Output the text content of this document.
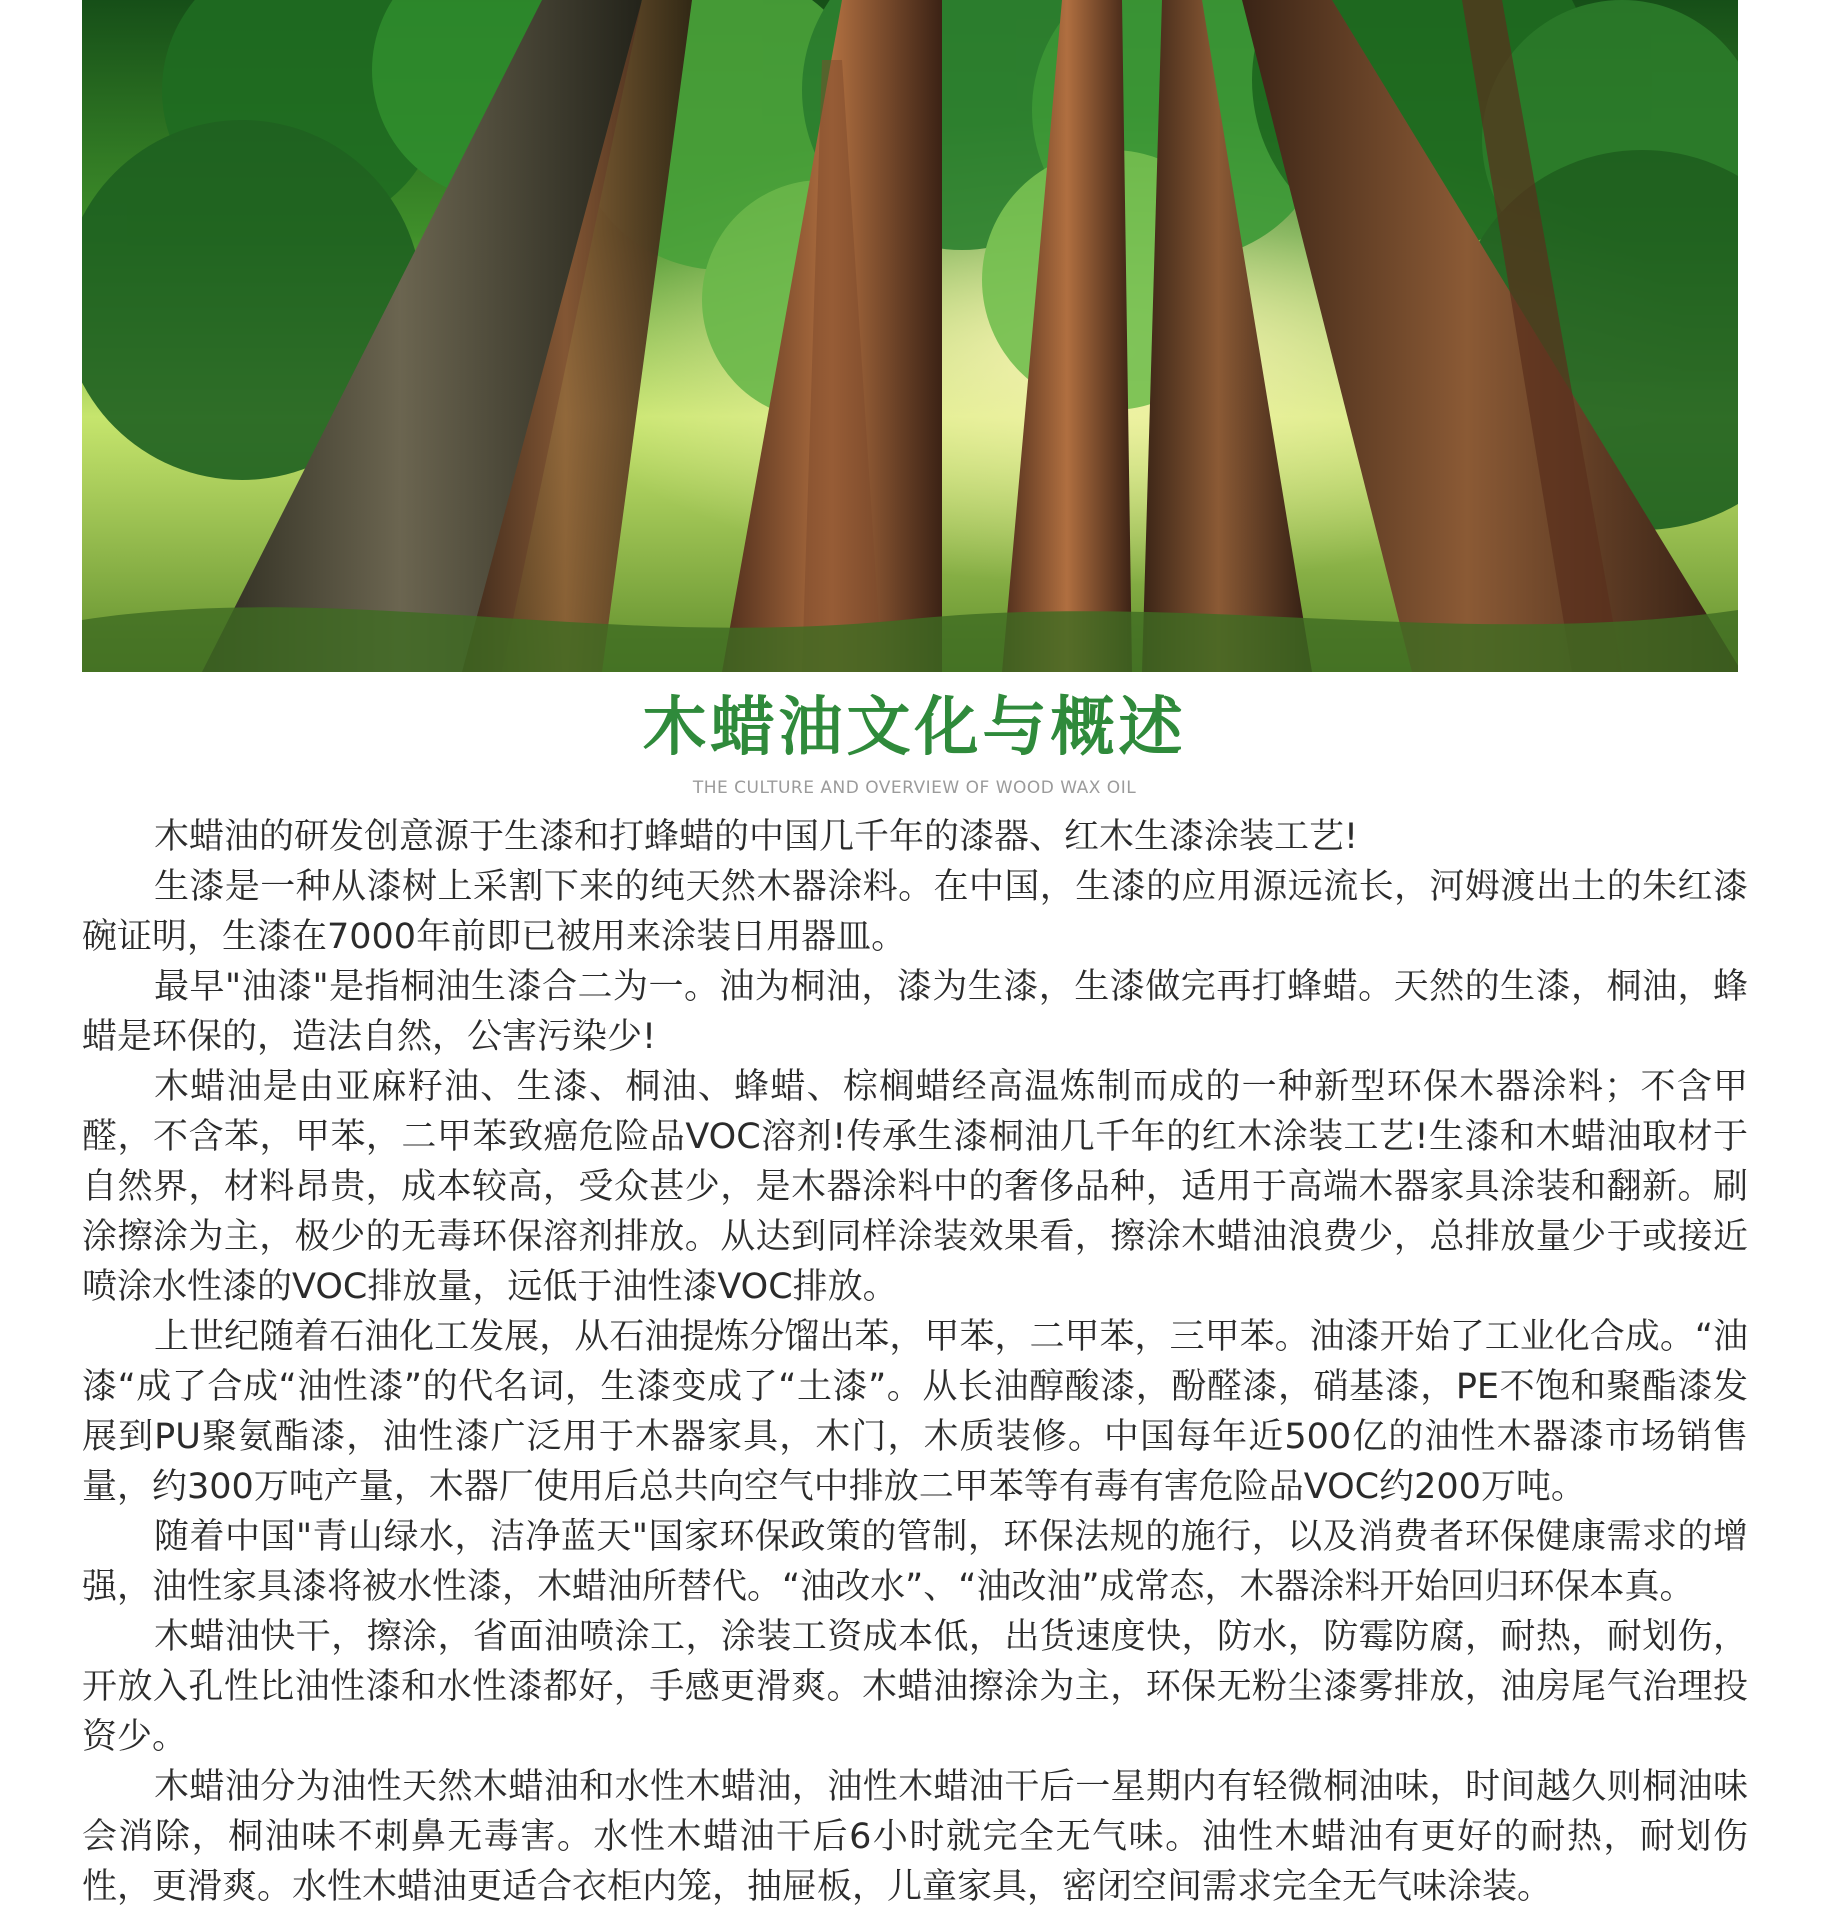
木蜡油文化与概述
THE CULTURE AND OVERVIEW OF WOOD WAX OIL

木蜡油的研发创意源于生漆和打蜂蜡的中国几千年的漆器、红木生漆涂装工艺!

生漆是一种从漆树上采割下来的纯天然木器涂料。在中国，生漆的应用源远流长，河姆渡出土的朱红漆碗证明，生漆在7000年前即已被用来涂装日用器皿。

最早"油漆"是指桐油生漆合二为一。油为桐油，漆为生漆，生漆做完再打蜂蜡。天然的生漆，桐油，蜂蜡是环保的，造法自然，公害污染少!

木蜡油是由亚麻籽油、生漆、桐油、蜂蜡、棕榈蜡经高温炼制而成的一种新型环保木器涂料；不含甲醛，不含苯，甲苯，二甲苯致癌危险品VOC溶剂!传承生漆桐油几千年的红木涂装工艺!生漆和木蜡油取材于自然界，材料昂贵，成本较高，受众甚少，是木器涂料中的奢侈品种，适用于高端木器家具涂装和翻新。刷涂擦涂为主，极少的无毒环保溶剂排放。从达到同样涂装效果看，擦涂木蜡油浪费少，总排放量少于或接近喷涂水性漆的VOC排放量，远低于油性漆VOC排放。

上世纪随着石油化工发展，从石油提炼分馏出苯，甲苯，二甲苯，三甲苯。油漆开始了工业化合成。“油漆“成了合成“油性漆”的代名词，生漆变成了“土漆”。从长油醇酸漆，酚醛漆，硝基漆，PE不饱和聚酯漆发展到PU聚氨酯漆，油性漆广泛用于木器家具，木门，木质装修。中国每年近500亿的油性木器漆市场销售量，约300万吨产量，木器厂使用后总共向空气中排放二甲苯等有毒有害危险品VOC约200万吨。

随着中国"青山绿水，洁净蓝天"国家环保政策的管制，环保法规的施行，以及消费者环保健康需求的增强，油性家具漆将被水性漆，木蜡油所替代。“油改水”、“油改油”成常态，木器涂料开始回归环保本真。

木蜡油快干，擦涂，省面油喷涂工，涂装工资成本低，出货速度快，防水，防霉防腐，耐热，耐划伤，开放入孔性比油性漆和水性漆都好，手感更滑爽。木蜡油擦涂为主，环保无粉尘漆雾排放，油房尾气治理投资少。

木蜡油分为油性天然木蜡油和水性木蜡油，油性木蜡油干后一星期内有轻微桐油味，时间越久则桐油味会消除，桐油味不刺鼻无毒害。水性木蜡油干后6小时就完全无气味。油性木蜡油有更好的耐热，耐划伤性，更滑爽。水性木蜡油更适合衣柜内笼，抽屉板，儿童家具，密闭空间需求完全无气味涂装。
